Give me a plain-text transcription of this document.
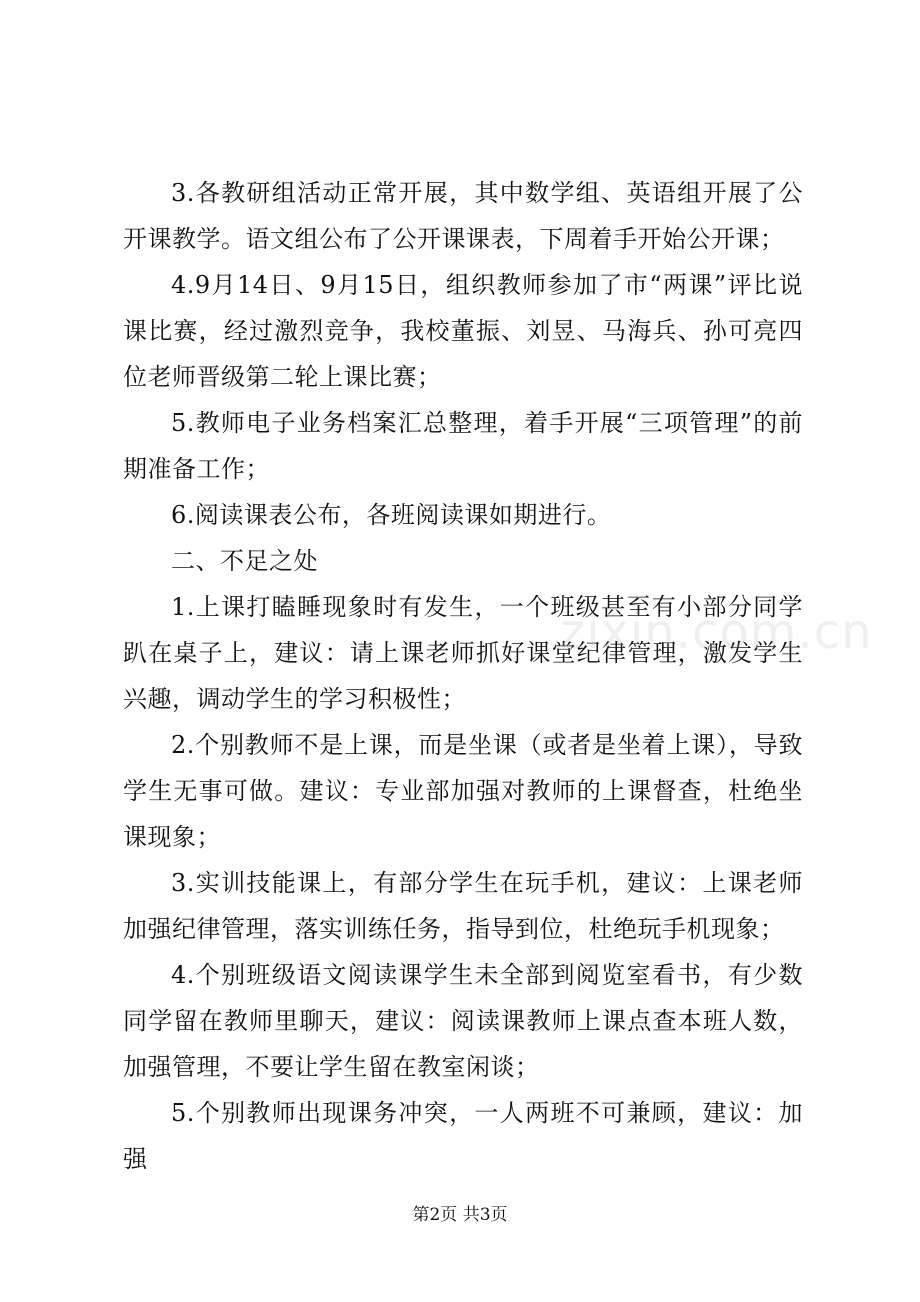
3.各教研组活动正常开展，其中数学组、英语组开展了公开课教学。语文组公布了公开课课表，下周着手开始公开课；

4.9月14日、9月15日，组织教师参加了市“两课”评比说课比赛，经过激烈竞争，我校董振、刘昱、马海兵、孙可亮四位老师晋级第二轮上课比赛；

5.教师电子业务档案汇总整理，着手开展“三项管理”的前期准备工作；

6.阅读课表公布，各班阅读课如期进行。

二、不足之处

1.上课打瞌睡现象时有发生，一个班级甚至有小部分同学趴在桌子上，建议：请上课老师抓好课堂纪律管理，激发学生兴趣，调动学生的学习积极性；

2.个别教师不是上课，而是坐课（或者是坐着上课），导致学生无事可做。建议：专业部加强对教师的上课督查，杜绝坐课现象；

3.实训技能课上，有部分学生在玩手机，建议：上课老师加强纪律管理，落实训练任务，指导到位，杜绝玩手机现象；

4.个别班级语文阅读课学生未全部到阅览室看书，有少数同学留在教师里聊天，建议：阅读课教师上课点查本班人数，加强管理，不要让学生留在教室闲谈；

5.个别教师出现课务冲突，一人两班不可兼顾，建议：加强

zixin.com.cn
第2页 共3页
